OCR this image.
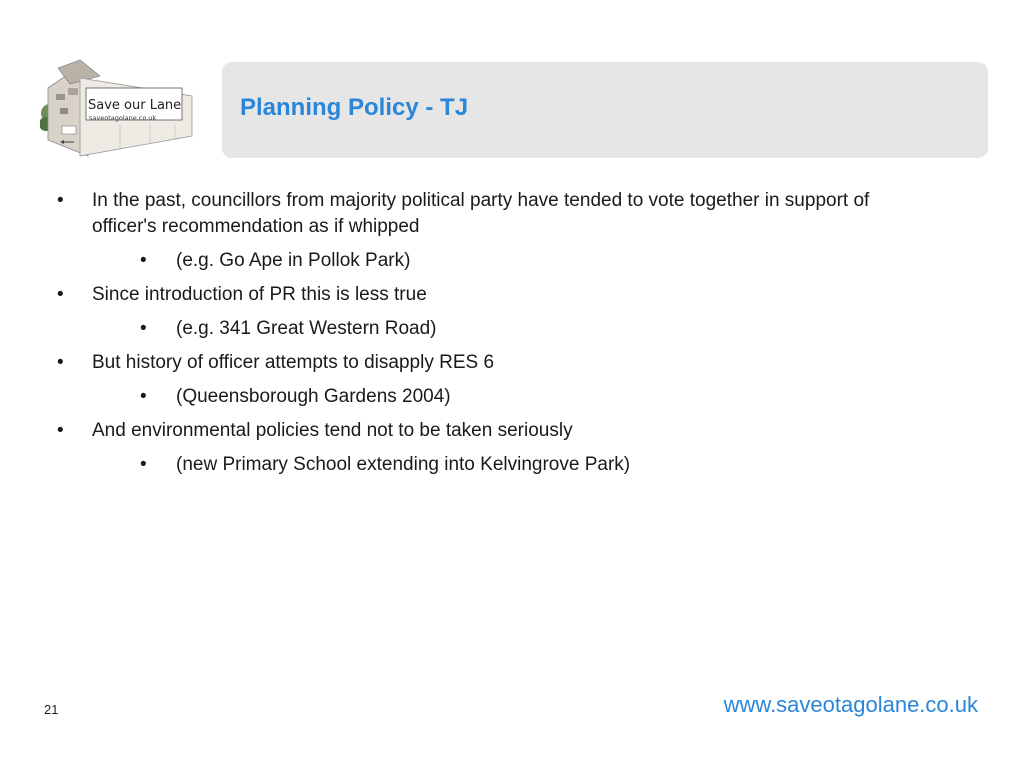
Save our Lane
saveotagolane.co.uk	Planning Policy - TJ
• In the past, councillors from majority political party have tended to vote together in support of officer's recommendation as if whipped
• (e.g. Go Ape in Pollok Park)
• Since introduction of PR this is less true
• (e.g. 341 Great Western Road)
• But history of officer attempts to disapply RES 6
• (Queensborough Gardens 2004)
• And environmental policies tend not to be taken seriously
• (new Primary School extending into Kelvingrove Park)
21	www.saveotagolane.co.uk
